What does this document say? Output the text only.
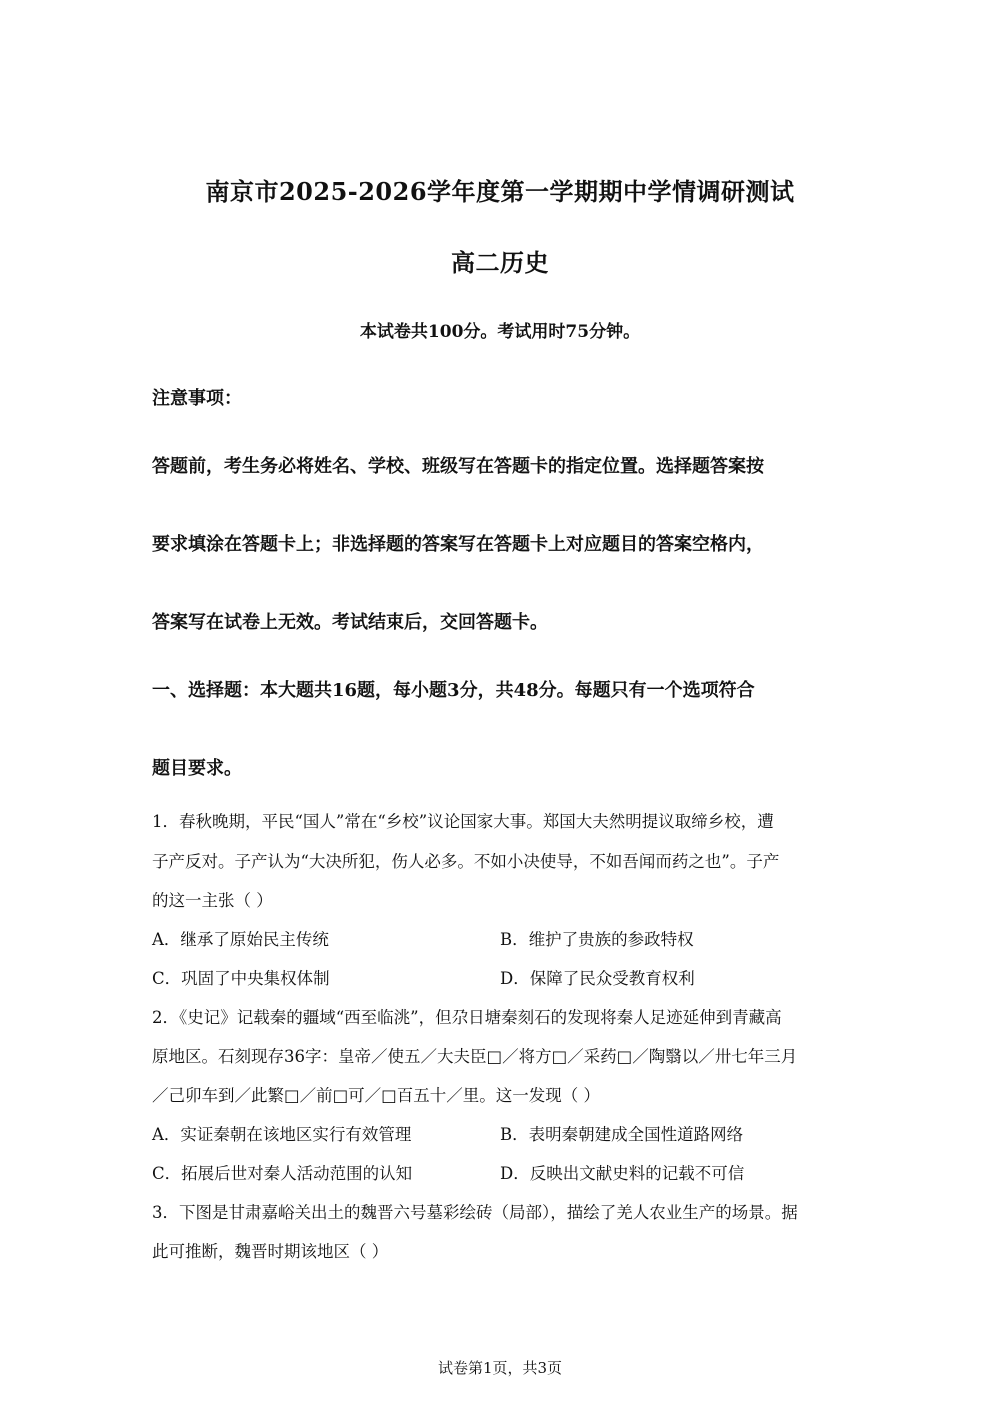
南京市2025-2026学年度第一学期期中学情调研测试
高二历史
本试卷共100分。考试用时75分钟。
注意事项：
答题前，考生务必将姓名、学校、班级写在答题卡的指定位置。选择题答案按
要求填涂在答题卡上；非选择题的答案写在答题卡上对应题目的答案空格内，
答案写在试卷上无效。考试结束后，交回答题卡。
一、选择题：本大题共16题，每小题3分，共48分。每题只有一个选项符合
题目要求。
1．春秋晚期，平民“国人”常在“乡校”议论国家大事。郑国大夫然明提议取缔乡校，遭
子产反对。子产认为“大决所犯，伤人必多。不如小决使导，不如吾闻而药之也”。子产
的这一主张（ ）
A．继承了原始民主传统	B．维护了贵族的参政特权
C．巩固了中央集权体制	D．保障了民众受教育权利
2．《史记》记载秦的疆域“西至临洮”，但尕日塘秦刻石的发现将秦人足迹延伸到青藏高
原地区。石刻现存36字：皇帝／使五／大夫臣□／将方□／采药□／陶翳以／卅七年三月
／己卯车到／此繁□／前□可／□百五十／里。这一发现（ ）
A．实证秦朝在该地区实行有效管理	B．表明秦朝建成全国性道路网络
C．拓展后世对秦人活动范围的认知	D．反映出文献史料的记载不可信
3．下图是甘肃嘉峪关出土的魏晋六号墓彩绘砖（局部），描绘了羌人农业生产的场景。据
此可推断，魏晋时期该地区（ ）
试卷第1页，共3页
